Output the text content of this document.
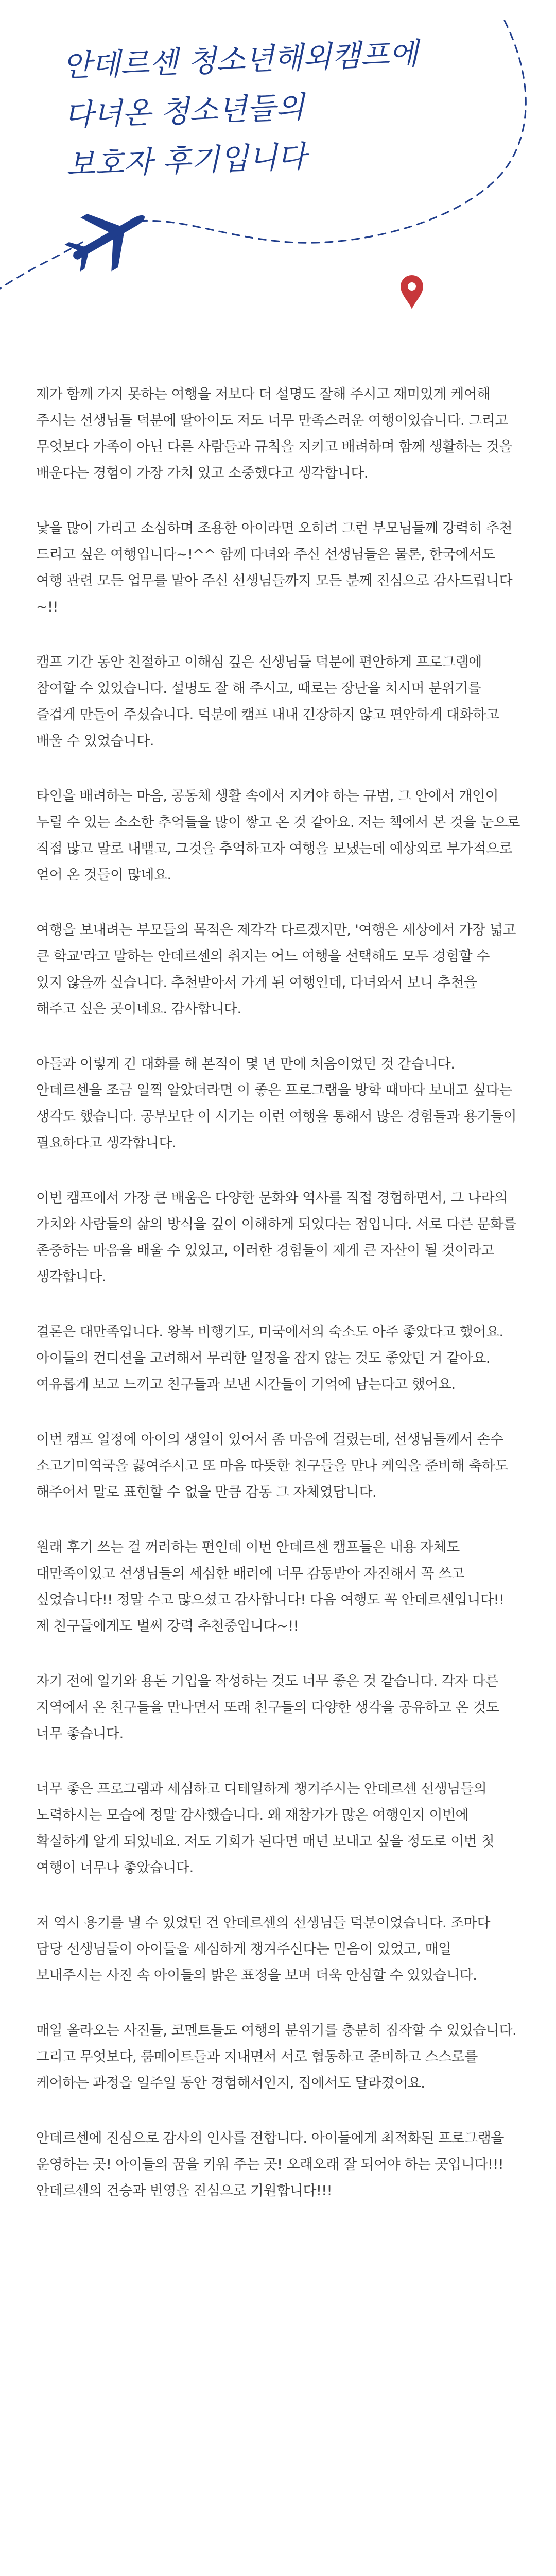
안데르센 청소년해외캠프에
다녀온 청소년들의
보호자 후기입니다

제가 함께 가지 못하는 여행을 저보다 더 설명도 잘해 주시고 재미있게 케어해 주시는 선생님들 덕분에 딸아이도 저도 너무 만족스러운 여행이었습니다. 그리고 무엇보다 가족이 아닌 다른 사람들과 규칙을 지키고 배려하며 함께 생활하는 것을 배운다는 경험이 가장 가치 있고 소중했다고 생각합니다.

낯을 많이 가리고 소심하며 조용한 아이라면 오히려 그런 부모님들께 강력히 추천 드리고 싶은 여행입니다~!^^ 함께 다녀와 주신 선생님들은 물론, 한국에서도 여행 관련 모든 업무를 맡아 주신 선생님들까지 모든 분께 진심으로 감사드립니다~!!

캠프 기간 동안 친절하고 이해심 깊은 선생님들 덕분에 편안하게 프로그램에 참여할 수 있었습니다. 설명도 잘 해 주시고, 때로는 장난을 치시며 분위기를 즐겁게 만들어 주셨습니다. 덕분에 캠프 내내 긴장하지 않고 편안하게 대화하고 배울 수 있었습니다.

타인을 배려하는 마음, 공동체 생활 속에서 지켜야 하는 규범, 그 안에서 개인이 누릴 수 있는 소소한 추억들을 많이 쌓고 온 것 같아요. 저는 책에서 본 것을 눈으로 직접 많고 말로 내뱉고, 그것을 추억하고자 여행을 보냈는데 예상외로 부가적으로 얻어 온 것들이 많네요.

여행을 보내려는 부모들의 목적은 제각각 다르겠지만, '여행은 세상에서 가장 넓고 큰 학교'라고 말하는 안데르센의 취지는 어느 여행을 선택해도 모두 경험할 수 있지 않을까 싶습니다. 추천받아서 가게 된 여행인데, 다녀와서 보니 추천을 해주고 싶은 곳이네요. 감사합니다.

아들과 이렇게 긴 대화를 해 본적이 몇 년 만에 처음이었던 것 같습니다. 안데르센을 조금 일찍 알았더라면 이 좋은 프로그램을 방학 때마다 보내고 싶다는 생각도 했습니다. 공부보단 이 시기는 이런 여행을 통해서 많은 경험들과 용기들이 필요하다고 생각합니다.

이번 캠프에서 가장 큰 배움은 다양한 문화와 역사를 직접 경험하면서, 그 나라의 가치와 사람들의 삶의 방식을 깊이 이해하게 되었다는 점입니다. 서로 다른 문화를 존중하는 마음을 배울 수 있었고, 이러한 경험들이 제게 큰 자산이 될 것이라고 생각합니다.

결론은 대만족입니다. 왕복 비행기도, 미국에서의 숙소도 아주 좋았다고 했어요. 아이들의 컨디션을 고려해서 무리한 일정을 잡지 않는 것도 좋았던 거 같아요. 여유롭게 보고 느끼고 친구들과 보낸 시간들이 기억에 남는다고 했어요.

이번 캠프 일정에 아이의 생일이 있어서 좀 마음에 걸렸는데, 선생님들께서 손수 소고기미역국을 끓여주시고 또 마음 따뜻한 친구들을 만나 케익을 준비해 축하도 해주어서 말로 표현할 수 없을 만큼 감동 그 자체였답니다.

원래 후기 쓰는 걸 꺼려하는 편인데 이번 안데르센 캠프들은 내용 자체도 대만족이었고 선생님들의 세심한 배려에 너무 감동받아 자진해서 꼭 쓰고 싶었습니다!! 정말 수고 많으셨고 감사합니다! 다음 여행도 꼭 안데르센입니다!! 제 친구들에게도 벌써 강력 추천중입니다~!!

자기 전에 일기와 용돈 기입을 작성하는 것도 너무 좋은 것 같습니다. 각자 다른 지역에서 온 친구들을 만나면서 또래 친구들의 다양한 생각을 공유하고 온 것도 너무 좋습니다.

너무 좋은 프로그램과 세심하고 디테일하게 챙겨주시는 안데르센 선생님들의 노력하시는 모습에 정말 감사했습니다. 왜 재참가가 많은 여행인지 이번에 확실하게 알게 되었네요. 저도 기회가 된다면 매년 보내고 싶을 정도로 이번 첫 여행이 너무나 좋았습니다.

저 역시 용기를 낼 수 있었던 건 안데르센의 선생님들 덕분이었습니다. 조마다 담당 선생님들이 아이들을 세심하게 챙겨주신다는 믿음이 있었고, 매일 보내주시는 사진 속 아이들의 밝은 표정을 보며 더욱 안심할 수 있었습니다.

매일 올라오는 사진들, 코멘트들도 여행의 분위기를 충분히 짐작할 수 있었습니다. 그리고 무엇보다, 룸메이트들과 지내면서 서로 협동하고 준비하고 스스로를 케어하는 과정을 일주일 동안 경험해서인지, 집에서도 달라졌어요.

안데르센에 진심으로 감사의 인사를 전합니다. 아이들에게 최적화된 프로그램을 운영하는 곳! 아이들의 꿈을 키워 주는 곳! 오래오래 잘 되어야 하는 곳입니다!!! 안데르센의 건승과 번영을 진심으로 기원합니다!!!
